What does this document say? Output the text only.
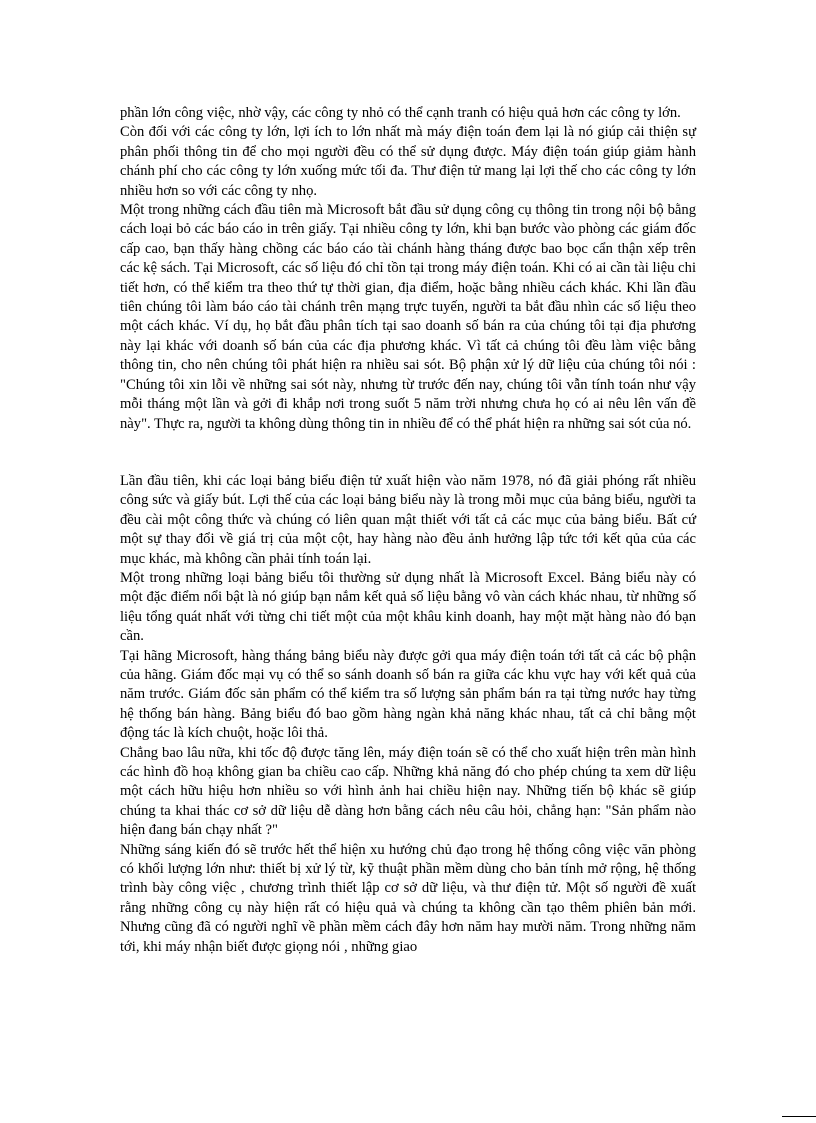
phần lớn công việc, nhờ vậy, các công ty nhỏ có thể cạnh tranh có hiệu quả hơn các công ty lớn.

Còn đối với các công ty lớn, lợi ích to lớn nhất mà máy điện toán đem lại là nó giúp cải thiện sự phân phối thông tin để cho mọi người đều có thể sử dụng được. Máy điện toán giúp giảm hành chánh phí cho các công ty lớn xuống mức tối đa. Thư điện tử mang lại lợi thế cho các công ty lớn nhiều hơn so với các công ty nhọ.

Một trong những cách đầu tiên mà Microsoft bắt đầu sử dụng công cụ thông tin trong nội bộ bằng cách loại bỏ các báo cáo in trên giấy. Tại nhiều công ty lớn, khi bạn bước vào phòng các giám đốc cấp cao, bạn thấy hàng chồng các báo cáo tài chánh hàng tháng được bao bọc cẩn thận xếp trên các kệ sách. Tại Microsoft, các số liệu đó chỉ tồn tại trong máy điện toán. Khi có ai cần tài liệu chi tiết hơn, có thể kiểm tra theo thứ tự thời gian, địa điểm, hoặc bằng nhiều cách khác. Khi lần đầu tiên chúng tôi làm báo cáo tài chánh trên mạng trực tuyến, người ta bắt đầu nhìn các số liệu theo một cách khác. Ví dụ, họ bắt đầu phân tích tại sao doanh số bán ra của chúng tôi tại địa phương này lại khác với doanh số bán của các địa phương khác. Vì tất cả chúng tôi đều làm việc bằng thông tin, cho nên chúng tôi phát hiện ra nhiều sai sót. Bộ phận xử lý dữ liệu của chúng tôi nói : "Chúng tôi xin lỗi về những sai sót này, nhưng từ trước đến nay, chúng tôi vẫn tính toán như vậy mỗi tháng một lần và gởi đi khắp nơi trong suốt 5 năm trời nhưng chưa họ có ai nêu lên vấn đề này". Thực ra, người ta không dùng thông tin in nhiều để có thể phát hiện ra những sai sót của nó.

Lần đầu tiên, khi các loại bảng biểu điện tử xuất hiện vào năm 1978, nó đã giải phóng rất nhiều công sức và giấy bút. Lợi thế của các loại bảng biểu này là trong mỗi mục của bảng biểu, người ta đều cài một công thức và chúng có liên quan mật thiết với tất cả các mục của bảng biểu. Bất cứ một sự thay đổi về giá trị của một cột, hay hàng nào đều ảnh hưởng lập tức tới kết qủa của các mục khác, mà không cần phải tính toán lại.

Một trong những loại bảng biểu tôi thường sử dụng nhất là Microsoft Excel. Bảng biểu này có một đặc điểm nổi bật là nó giúp bạn nắm kết quả số liệu bằng vô vàn cách khác nhau, từ những số liệu tổng quát nhất với từng chi tiết một của một khâu kinh doanh, hay một mặt hàng nào đó bạn cần.

Tại hãng Microsoft, hàng tháng bảng biểu này được gởi qua máy điện toán tới tất cả các bộ phận của hãng. Giám đốc mại vụ có thể so sánh doanh số bán ra giữa các khu vực hay với kết quả của năm trước. Giám đốc sản phẩm có thể kiểm tra số lượng sản phẩm bán ra tại từng nước hay từng hệ thống bán hàng. Bảng biểu đó bao gồm hàng ngàn khả năng khác nhau, tất cả chỉ bằng một động tác là kích chuột, hoặc lôi thả.

Chẳng bao lâu nữa, khi tốc độ được tăng lên, máy điện toán sẽ có thể cho xuất hiện trên màn hình các hình đồ hoạ không gian ba chiều cao cấp. Những khả năng đó cho phép chúng ta xem dữ liệu một cách hữu hiệu hơn nhiều so với hình ảnh hai chiều hiện nay. Những tiến bộ khác sẽ giúp chúng ta khai thác cơ sở dữ liệu dễ dàng hơn bằng cách nêu câu hỏi, chẳng hạn: "Sản phẩm nào hiện đang bán chạy nhất ?"

Những sáng kiến đó sẽ trước hết thể hiện xu hướng chủ đạo trong hệ thống công việc văn phòng có khối lượng lớn như: thiết bị xử lý từ, kỹ thuật phần mềm dùng cho bản tính mở rộng, hệ thống trình bày công việc , chương trình thiết lập cơ sở dữ liệu, và thư điện tử. Một số người đề xuất rằng những công cụ này hiện rất có hiệu quả và chúng ta không cần tạo thêm phiên bản mới. Nhưng cũng đã có người nghĩ về phần mềm cách đây hơn năm hay mười năm. Trong những năm tới, khi máy nhận biết được giọng nói , những giao
